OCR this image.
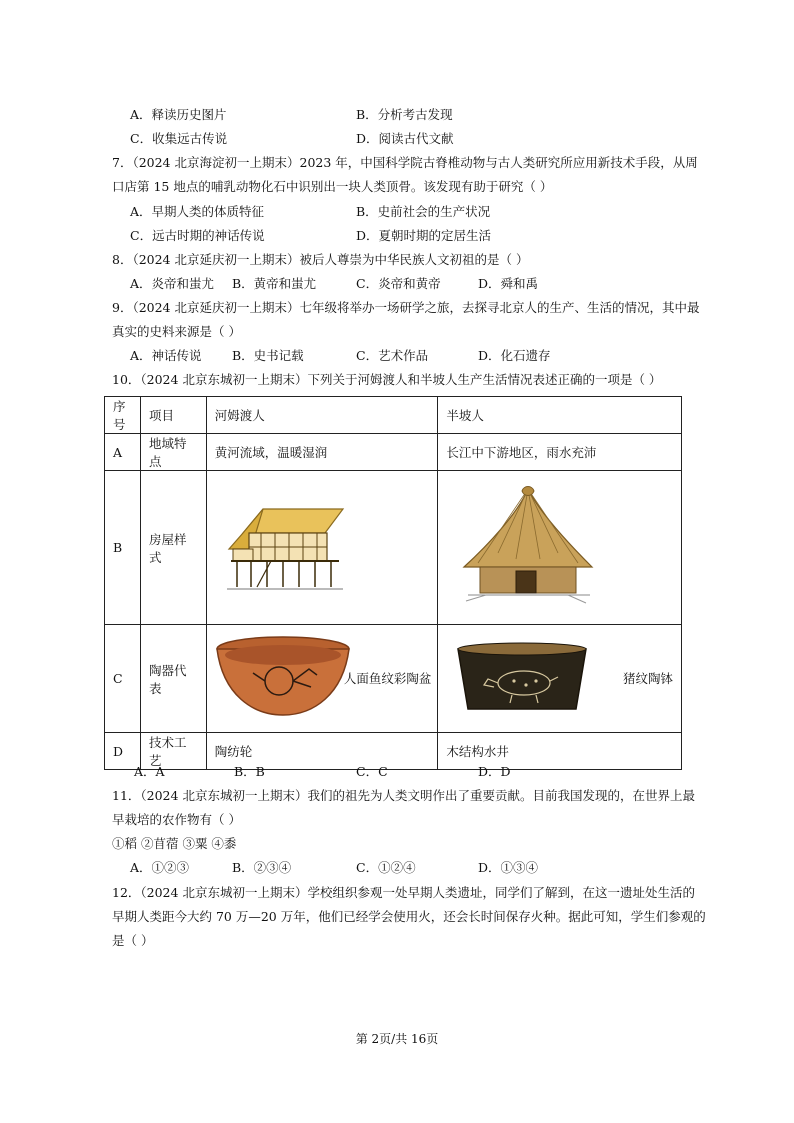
A．释读历史图片	B．分析考古发现
C．收集远古传说	D．阅读古代文献
7．（2024 北京海淀初一上期末）2023 年，中国科学院古脊椎动物与古人类研究所应用新技术手段，从周
口店第 15 地点的哺乳动物化石中识别出一块人类顶骨。该发现有助于研究（ ）
A．早期人类的体质特征	B．史前社会的生产状况
C．远古时期的神话传说	D．夏朝时期的定居生活
8．（2024 北京延庆初一上期末）被后人尊崇为中华民族人文初祖的是（ ）
A．炎帝和蚩尤 B．黄帝和蚩尤	C．炎帝和黄帝	D．舜和禹
9．（2024 北京延庆初一上期末）七年级将举办一场研学之旅，去探寻北京人的生产、生活的情况，其中最
真实的史料来源是（ ）
A．神话传说 B．史书记载	C．艺术作品	D．化石遗存
10．（2024 北京东城初一上期末）下列关于河姆渡人和半坡人生产生活情况表述正确的一项是（ ）
序号	项目	河姆渡人	半坡人
A	地域特点	黄河流域，温暖湿润	长江中下游地区，雨水充沛
B	房屋样式	

C	陶器代表	人面鱼纹彩陶盆	猪纹陶钵

D	技术工艺	陶纺轮	木结构水井
A．A	B．B	C．C	D．D
11．（2024 北京东城初一上期末）我们的祖先为人类文明作出了重要贡献。目前我国发现的，在世界上最
早栽培的农作物有（ ）
①稻 ②苜蓿 ③粟 ④黍
A．①②③	B．②③④	C．①②④	D．①③④
12．（2024 北京东城初一上期末）学校组织参观一处早期人类遗址，同学们了解到，在这一遗址处生活的
早期人类距今大约 70 万—20 万年，他们已经学会使用火，还会长时间保存火种。据此可知，学生们参观的
是（ ）
第 2页/共 16页
